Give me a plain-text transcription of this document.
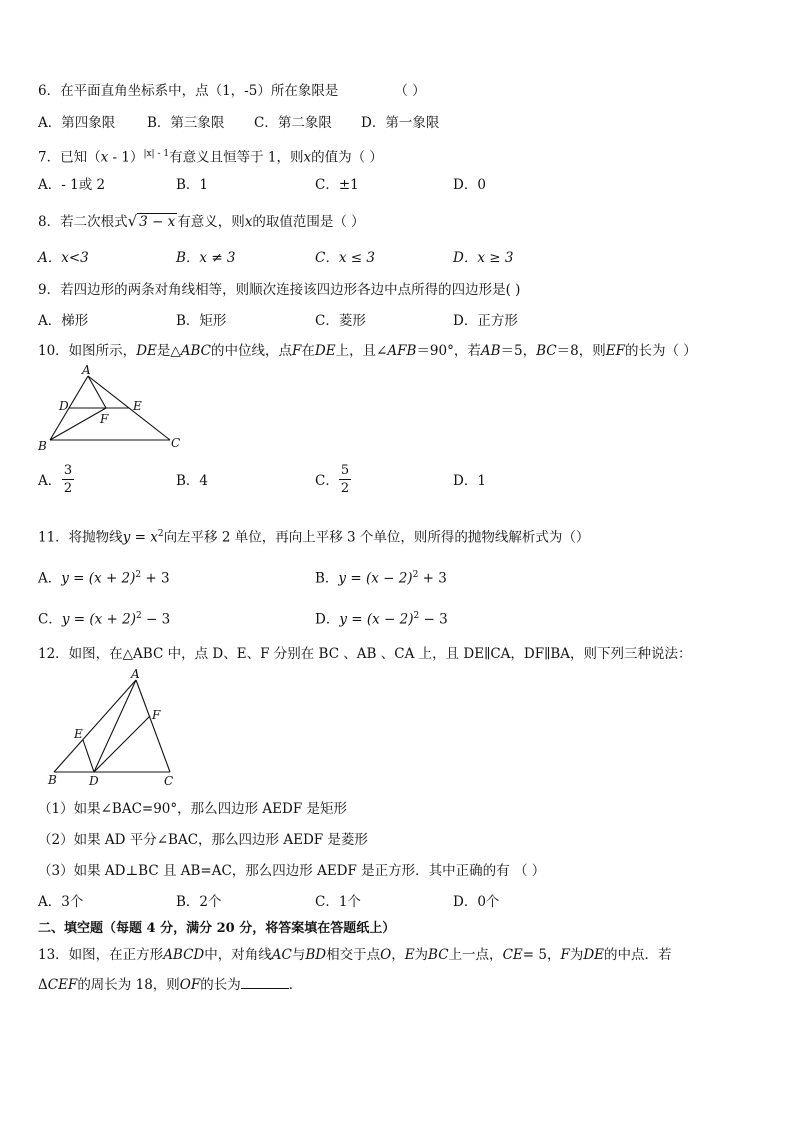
6．在平面直角坐标系中，点（1，-5）所在象限是	（ ）
A．第四象限 B．第三象限 C．第二象限 D．第一象限
7．已知（x - 1）$^{|x| - 1}$有意义且恒等于 1，则x的值为（ ）
A．- 1或 2	B．1	C．±1	D．0
8．若二次根式√ 3 − x 有意义，则x的取值范围是（ ）
A．x<3	B．x ≠ 3	C．x ≤ 3	D．x ≥ 3
9．若四边形的两条对角线相等，则顺次连接该四边形各边中点所得的四边形是( )
A．梯形	B．矩形	C．菱形	D．正方形
10．如图所示，DE是△ABC的中位线，点F在DE上，且∠AFB＝90°，若AB＝5，BC＝8，则EF的长为（ ）
A
D	E
F
B	C
A．
3
2	B．4	C．
5
2	D．1
11．将抛物线$y = x^2$向左平移 2 单位，再向上平移 3 个单位，则所得的抛物线解析式为（）
A．$y = (x + 2)^2 + 3$	B．$y = (x - 2)^2 + 3$
C．$y = (x + 2)^2 - 3$	D．$y = (x - 2)^2 - 3$
12．如图，在△ABC 中，点 D、E、F 分别在 BC 、AB 、CA 上，且 DE∥CA，DF∥BA，则下列三种说法：
A
F
E
B	D	C
（1）如果∠BAC=90°，那么四边形 AEDF 是矩形
（2）如果 AD 平分∠BAC，那么四边形 AEDF 是菱形
（3）如果 AD⊥BC 且 AB=AC，那么四边形 AEDF 是正方形．其中正确的有 （ ）
A．3个	B．2个	C．1个	D．0个
二、填空题（每题 4 分，满分 20 分，将答案填在答题纸上）
13．如图，在正方形ABCD中，对角线AC与BD相交于点O，E为BC上一点，CE= 5，F为DE的中点．若
ΔCEF的周长为 18，则OF的长为	．
